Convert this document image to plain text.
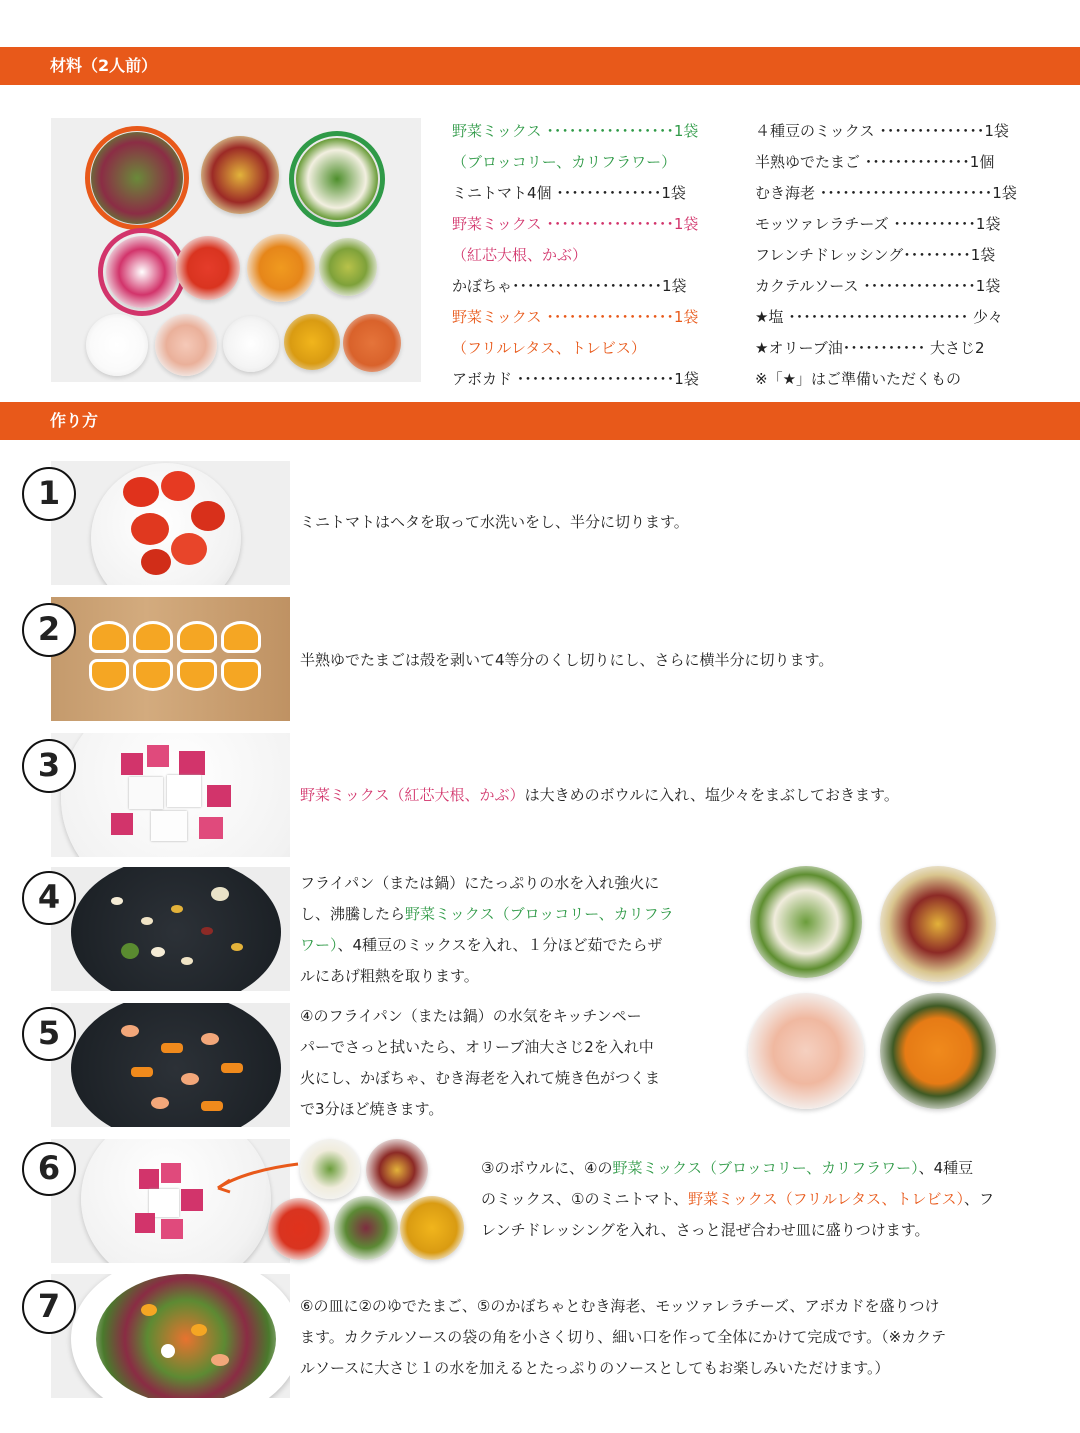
材料（2人前）
作り方
野菜ミックス ･････････････････1袋
（ブロッコリー、カリフラワー）
ミニトマト4個 ･･････････････1袋
野菜ミックス ･････････････････1袋
（紅芯大根、かぶ）
かぼちゃ････････････････････1袋
野菜ミックス ･････････････････1袋
（フリルレタス、トレビス）
アボカド ･････････････････････1袋
４種豆のミックス ･･････････････1袋
半熟ゆでたまご ･･････････････1個
むき海老 ･･･････････････････････1袋
モッツァレラチーズ ･･･････････1袋
フレンチドレッシング･････････1袋
カクテルソース ･･･････････････1袋
★塩 ････････････････････････ 少々
★オリーブ油･･･････････ 大さじ2
※「★」はご準備いただくもの
1
ミニトマトはヘタを取って水洗いをし、半分に切ります。
2
半熟ゆでたまごは殻を剥いて4等分のくし切りにし、さらに横半分に切ります。
3
野菜ミックス（紅芯大根、かぶ）は大きめのボウルに入れ、塩少々をまぶしておきます。
4	フライパン（または鍋）にたっぷりの水を入れ強火に
し、沸騰したら野菜ミックス（ブロッコリー、カリフラ
ワー）、4種豆のミックスを入れ、１分ほど茹でたらザ
ルにあげ粗熱を取ります。
5	④のフライパン（または鍋）の水気をキッチンペー
パーでさっと拭いたら、オリーブ油大さじ2を入れ中
火にし、かぼちゃ、むき海老を入れて焼き色がつくま
で3分ほど焼きます。
6	③のボウルに、④の野菜ミックス（ブロッコリー、カリフラワー）、4種豆
のミックス、①のミニトマト、野菜ミックス（フリルレタス、トレビス）、フ
レンチドレッシングを入れ、さっと混ぜ合わせ皿に盛りつけます。
7	⑥の皿に②のゆでたまご、⑤のかぼちゃとむき海老、モッツァレラチーズ、アボカドを盛りつけ
ます。カクテルソースの袋の角を小さく切り、細い口を作って全体にかけて完成です。（※カクテ
ルソースに大さじ１の水を加えるとたっぷりのソースとしてもお楽しみいただけます。）
